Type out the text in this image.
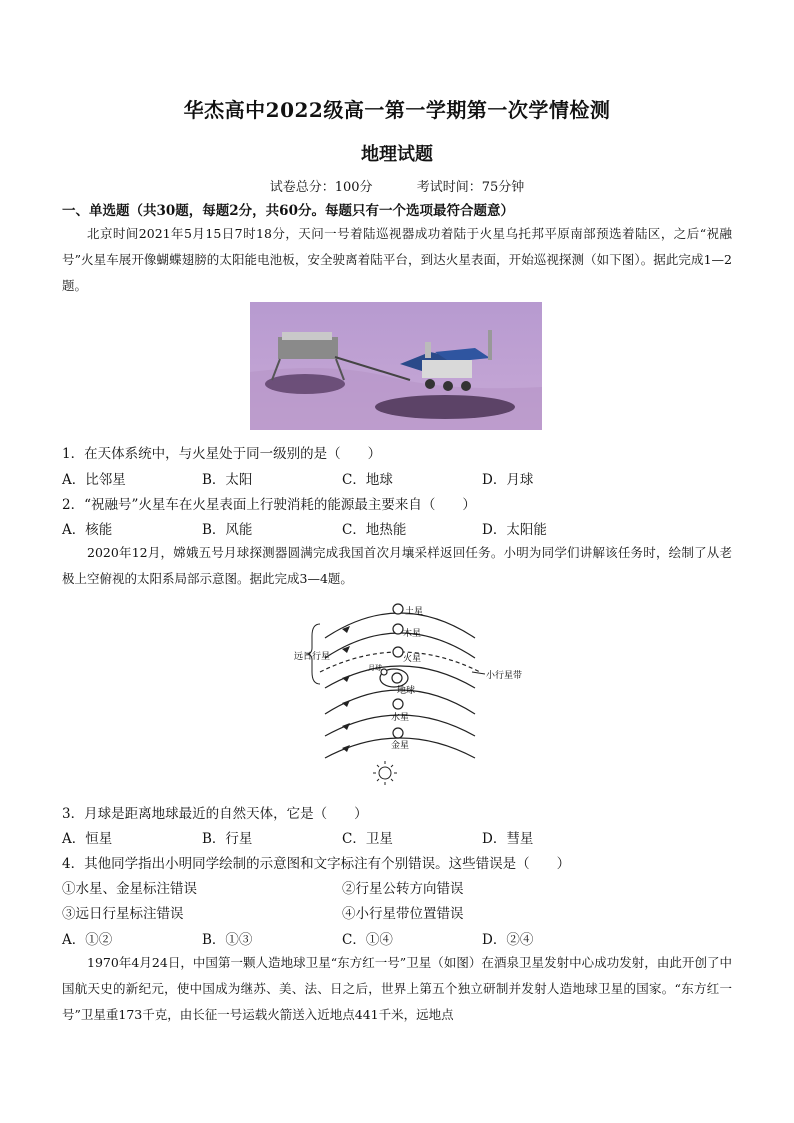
华杰高中2022级高一第一学期第一次学情检测
地理试题
试卷总分：100分	考试时间：75分钟
一、单选题（共30题，每题2分，共60分。每题只有一个选项最符合题意）
北京时间2021年5月15日7时18分，天问一号着陆巡视器成功着陆于火星乌托邦平原南部预选着陆区，之后“祝融号”火星车展开像蝴蝶翅膀的太阳能电池板，安全驶离着陆平台，到达火星表面，开始巡视探测（如下图）。据此完成1—2题。
1．在天体系统中，与火星处于同一级别的是（　　）
A．比邻星	B．太阳	C．地球	D．月球
2．“祝融号”火星车在火星表面上行驶消耗的能源最主要来自（　　）
A．核能	B．风能	C．地热能	D．太阳能
2020年12月，嫦娥五号月球探测器圆满完成我国首次月壤采样返回任务。小明为同学们讲解该任务时，绘制了从老极上空俯视的太阳系局部示意图。据此完成3—4题。
土星
木星
火星
月球
地球
水星
金星
远日行星
小行星带
3．月球是距离地球最近的自然天体，它是（　　）
A．恒星	B．行星	C．卫星	D．彗星
4．其他同学指出小明同学绘制的示意图和文字标注有个别错误。这些错误是（　　）
①水星、金星标注错误	②行星公转方向错误
③远日行星标注错误	④小行星带位置错误
A．①②	B．①③	C．①④	D．②④
1970年4月24日，中国第一颗人造地球卫星“东方红一号”卫星（如图）在酒泉卫星发射中心成功发射，由此开创了中国航天史的新纪元，使中国成为继苏、美、法、日之后，世界上第五个独立研制并发射人造地球卫星的国家。“东方红一号”卫星重173千克，由长征一号运载火箭送入近地点441千米，远地点
